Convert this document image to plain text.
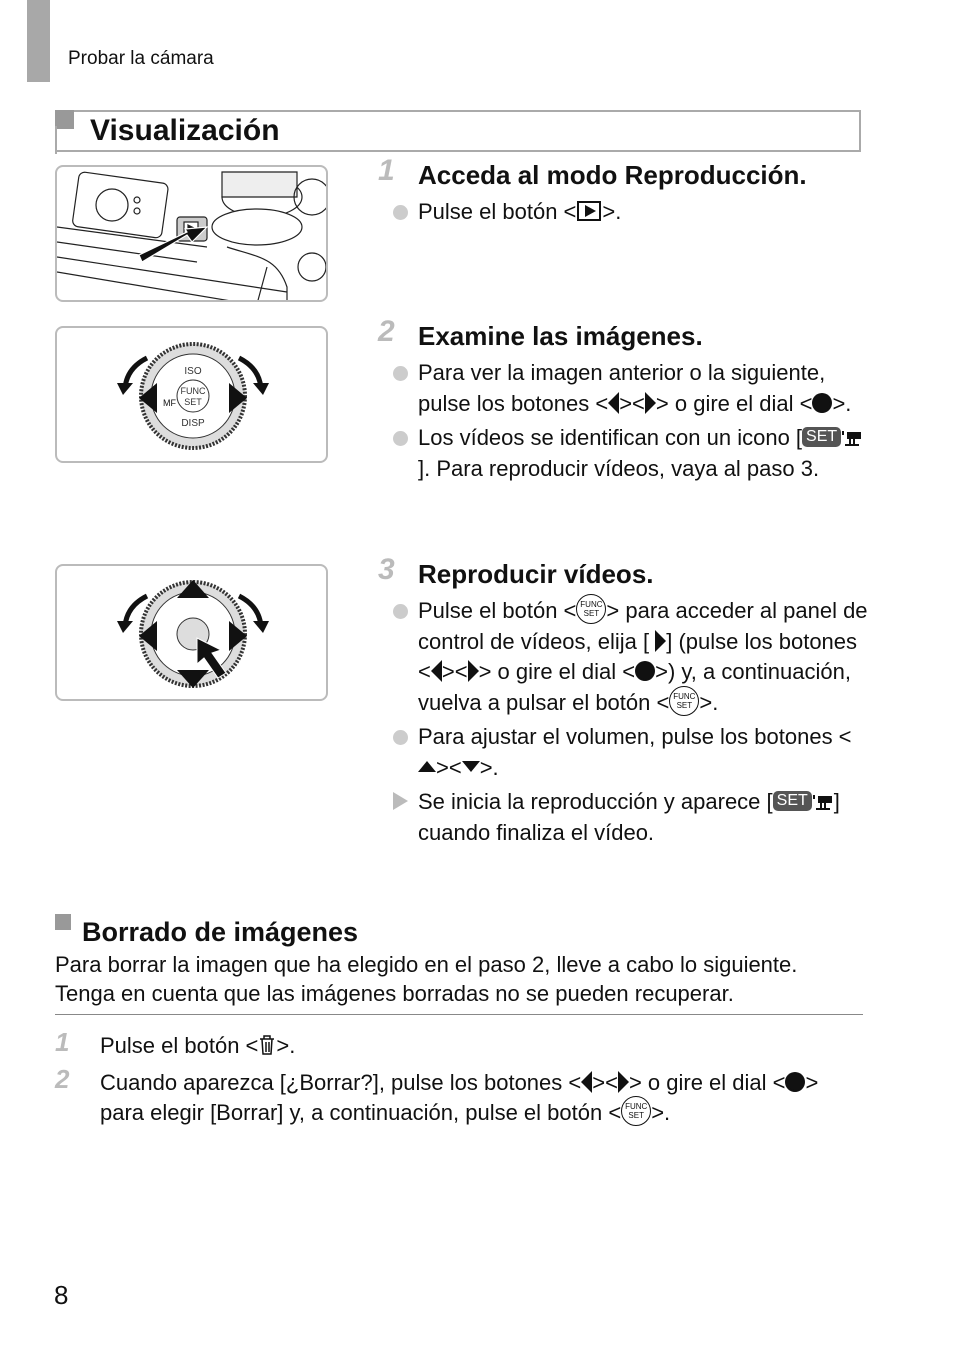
Probar la cámara
Visualización
FUNC
SET
ISO
DISP
MF
1 Acceda al modo Reproducción.
Pulse el botón < >.
2 Examine las imágenes.
Para ver la imagen anterior o la siguiente, pulse los botones < >< > o gire el dial < >.
Los vídeos se identifican con un icono [ SET]. Para reproducir vídeos, vaya al paso 3.
3 Reproducir vídeos.
Pulse el botón < FUNC
SET > para acceder al panel de control de vídeos, elija [ ] (pulse los botones < >< > o gire el dial < >) y, a continuación, vuelva a pulsar el botón < FUNC
SET >.
Para ajustar el volumen, pulse los botones <>< >.
Se inicia la reproducción y aparece [ SET ] cuando finaliza el vídeo.
Borrado de imágenes

Para borrar la imagen que ha elegido en el paso 2, lleve a cabo lo siguiente. Tenga en cuenta que las imágenes borradas no se pueden recuperar.

1 Pulse el botón < >.
2 Cuando aparezca [¿Borrar?], pulse los botones < >< > o gire el dial < > para elegir [Borrar] y, a continuación, pulse el botón < FUNC
SET >.
8
